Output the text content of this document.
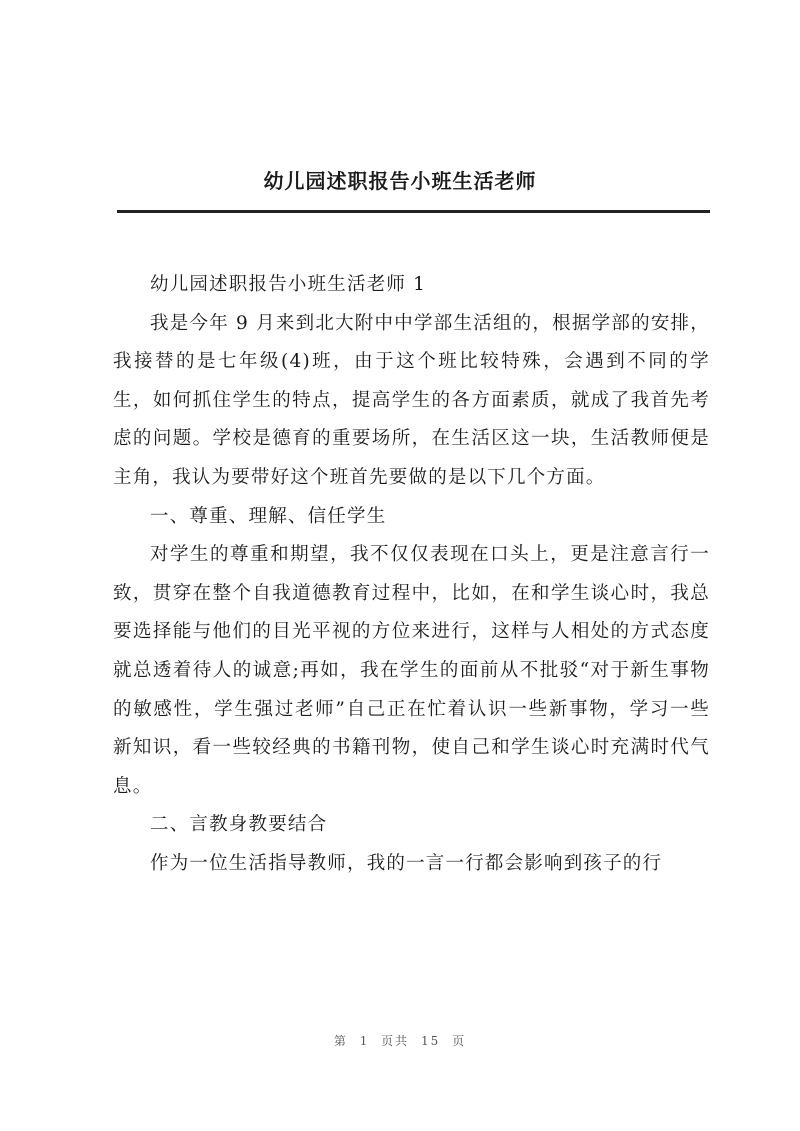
幼儿园述职报告小班生活老师

幼儿园述职报告小班生活老师 1

我是今年 9 月来到北大附中中学部生活组的，根据学部的安排，我接替的是七年级(4)班，由于这个班比较特殊，会遇到不同的学生，如何抓住学生的特点，提高学生的各方面素质，就成了我首先考虑的问题。学校是德育的重要场所，在生活区这一块，生活教师便是主角，我认为要带好这个班首先要做的是以下几个方面。

一、尊重、理解、信任学生

对学生的尊重和期望，我不仅仅表现在口头上，更是注意言行一致，贯穿在整个自我道德教育过程中，比如，在和学生谈心时，我总要选择能与他们的目光平视的方位来进行，这样与人相处的方式态度就总透着待人的诚意;再如，我在学生的面前从不批驳“对于新生事物的敏感性，学生强过老师”自己正在忙着认识一些新事物，学习一些新知识，看一些较经典的书籍刊物，使自己和学生谈心时充满时代气息。

二、言教身教要结合

作为一位生活指导教师，我的一言一行都会影响到孩子的行

第 1 页共 15 页
